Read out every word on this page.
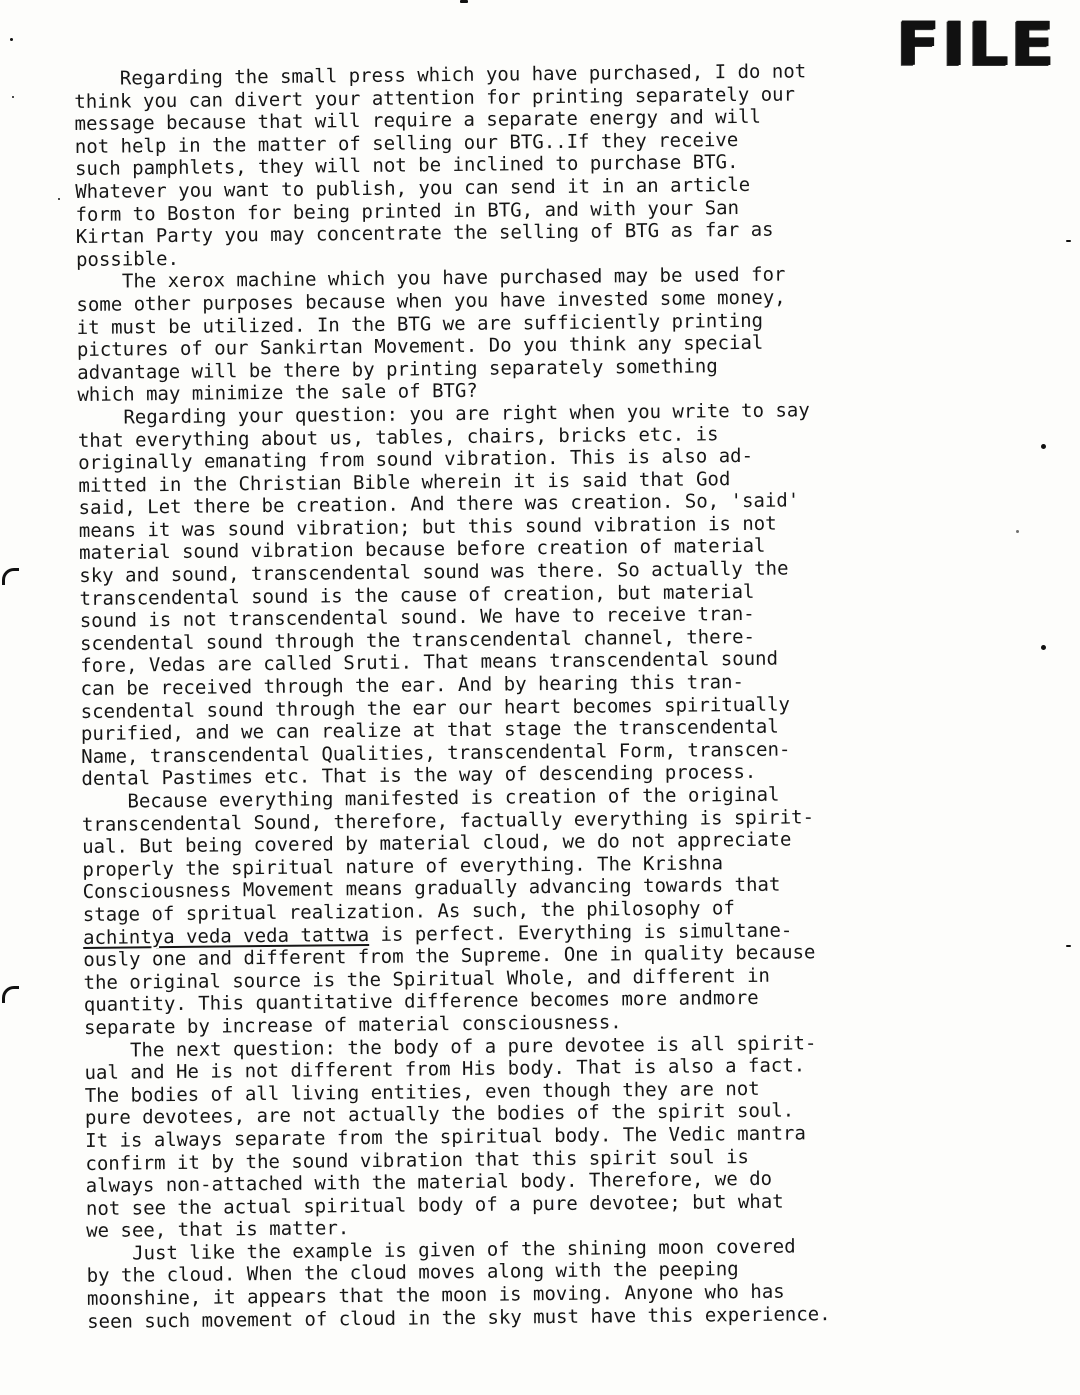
FILE
Regarding the small press which you have purchased, I do not
think you can divert your attention for printing separately our
message because that will require a separate energy and will
not help in the matter of selling our BTG..If they receive
such pamphlets, they will not be inclined to purchase BTG.
Whatever you want to publish, you can send it in an article
form to Boston for being printed in BTG, and with your San
Kirtan Party you may concentrate the selling of BTG as far as
possible.
The xerox machine which you have purchased may be used for
some other purposes because when you have invested some money,
it must be utilized. In the BTG we are sufficiently printing
pictures of our Sankirtan Movement. Do you think any special
advantage will be there by printing separately something
which may minimize the sale of BTG?
Regarding your question: you are right when you write to say
that everything about us, tables, chairs, bricks etc. is
originally emanating from sound vibration. This is also ad-
mitted in the Christian Bible wherein it is said that God
said, Let there be creation. And there was creation. So, 'said'
means it was sound vibration; but this sound vibration is not
material sound vibration because before creation of material
sky and sound, transcendental sound was there. So actually the
transcendental sound is the cause of creation, but material
sound is not transcendental sound. We have to receive tran-
scendental sound through the transcendental channel, there-
fore, Vedas are called Sruti. That means transcendental sound
can be received through the ear. And by hearing this tran-
scendental sound through the ear our heart becomes spiritually
purified, and we can realize at that stage the transcendental
Name, transcendental Qualities, transcendental Form, transcen-
dental Pastimes etc. That is the way of descending process.
Because everything manifested is creation of the original
transcendental Sound, therefore, factually everything is spirit-
ual. But being covered by material cloud, we do not appreciate
properly the spiritual nature of everything. The Krishna
Consciousness Movement means gradually advancing towards that
stage of spritual realization. As such, the philosophy of
achintya veda veda tattwa is perfect. Everything is simultane-
ously one and different from the Supreme. One in quality because
the original source is the Spiritual Whole, and different in
quantity. This quantitative difference becomes more andmore
separate by increase of material consciousness.
The next question: the body of a pure devotee is all spirit-
ual and He is not different from His body. That is also a fact.
The bodies of all living entities, even though they are not
pure devotees, are not actually the bodies of the spirit soul.
It is always separate from the spiritual body. The Vedic mantra
confirm it by the sound vibration that this spirit soul is
always non-attached with the material body. Therefore, we do
not see the actual spiritual body of a pure devotee; but what
we see, that is matter.
Just like the example is given of the shining moon covered
by the cloud. When the cloud moves along with the peeping
moonshine, it appears that the moon is moving. Anyone who has
seen such movement of cloud in the sky must have this experience.
